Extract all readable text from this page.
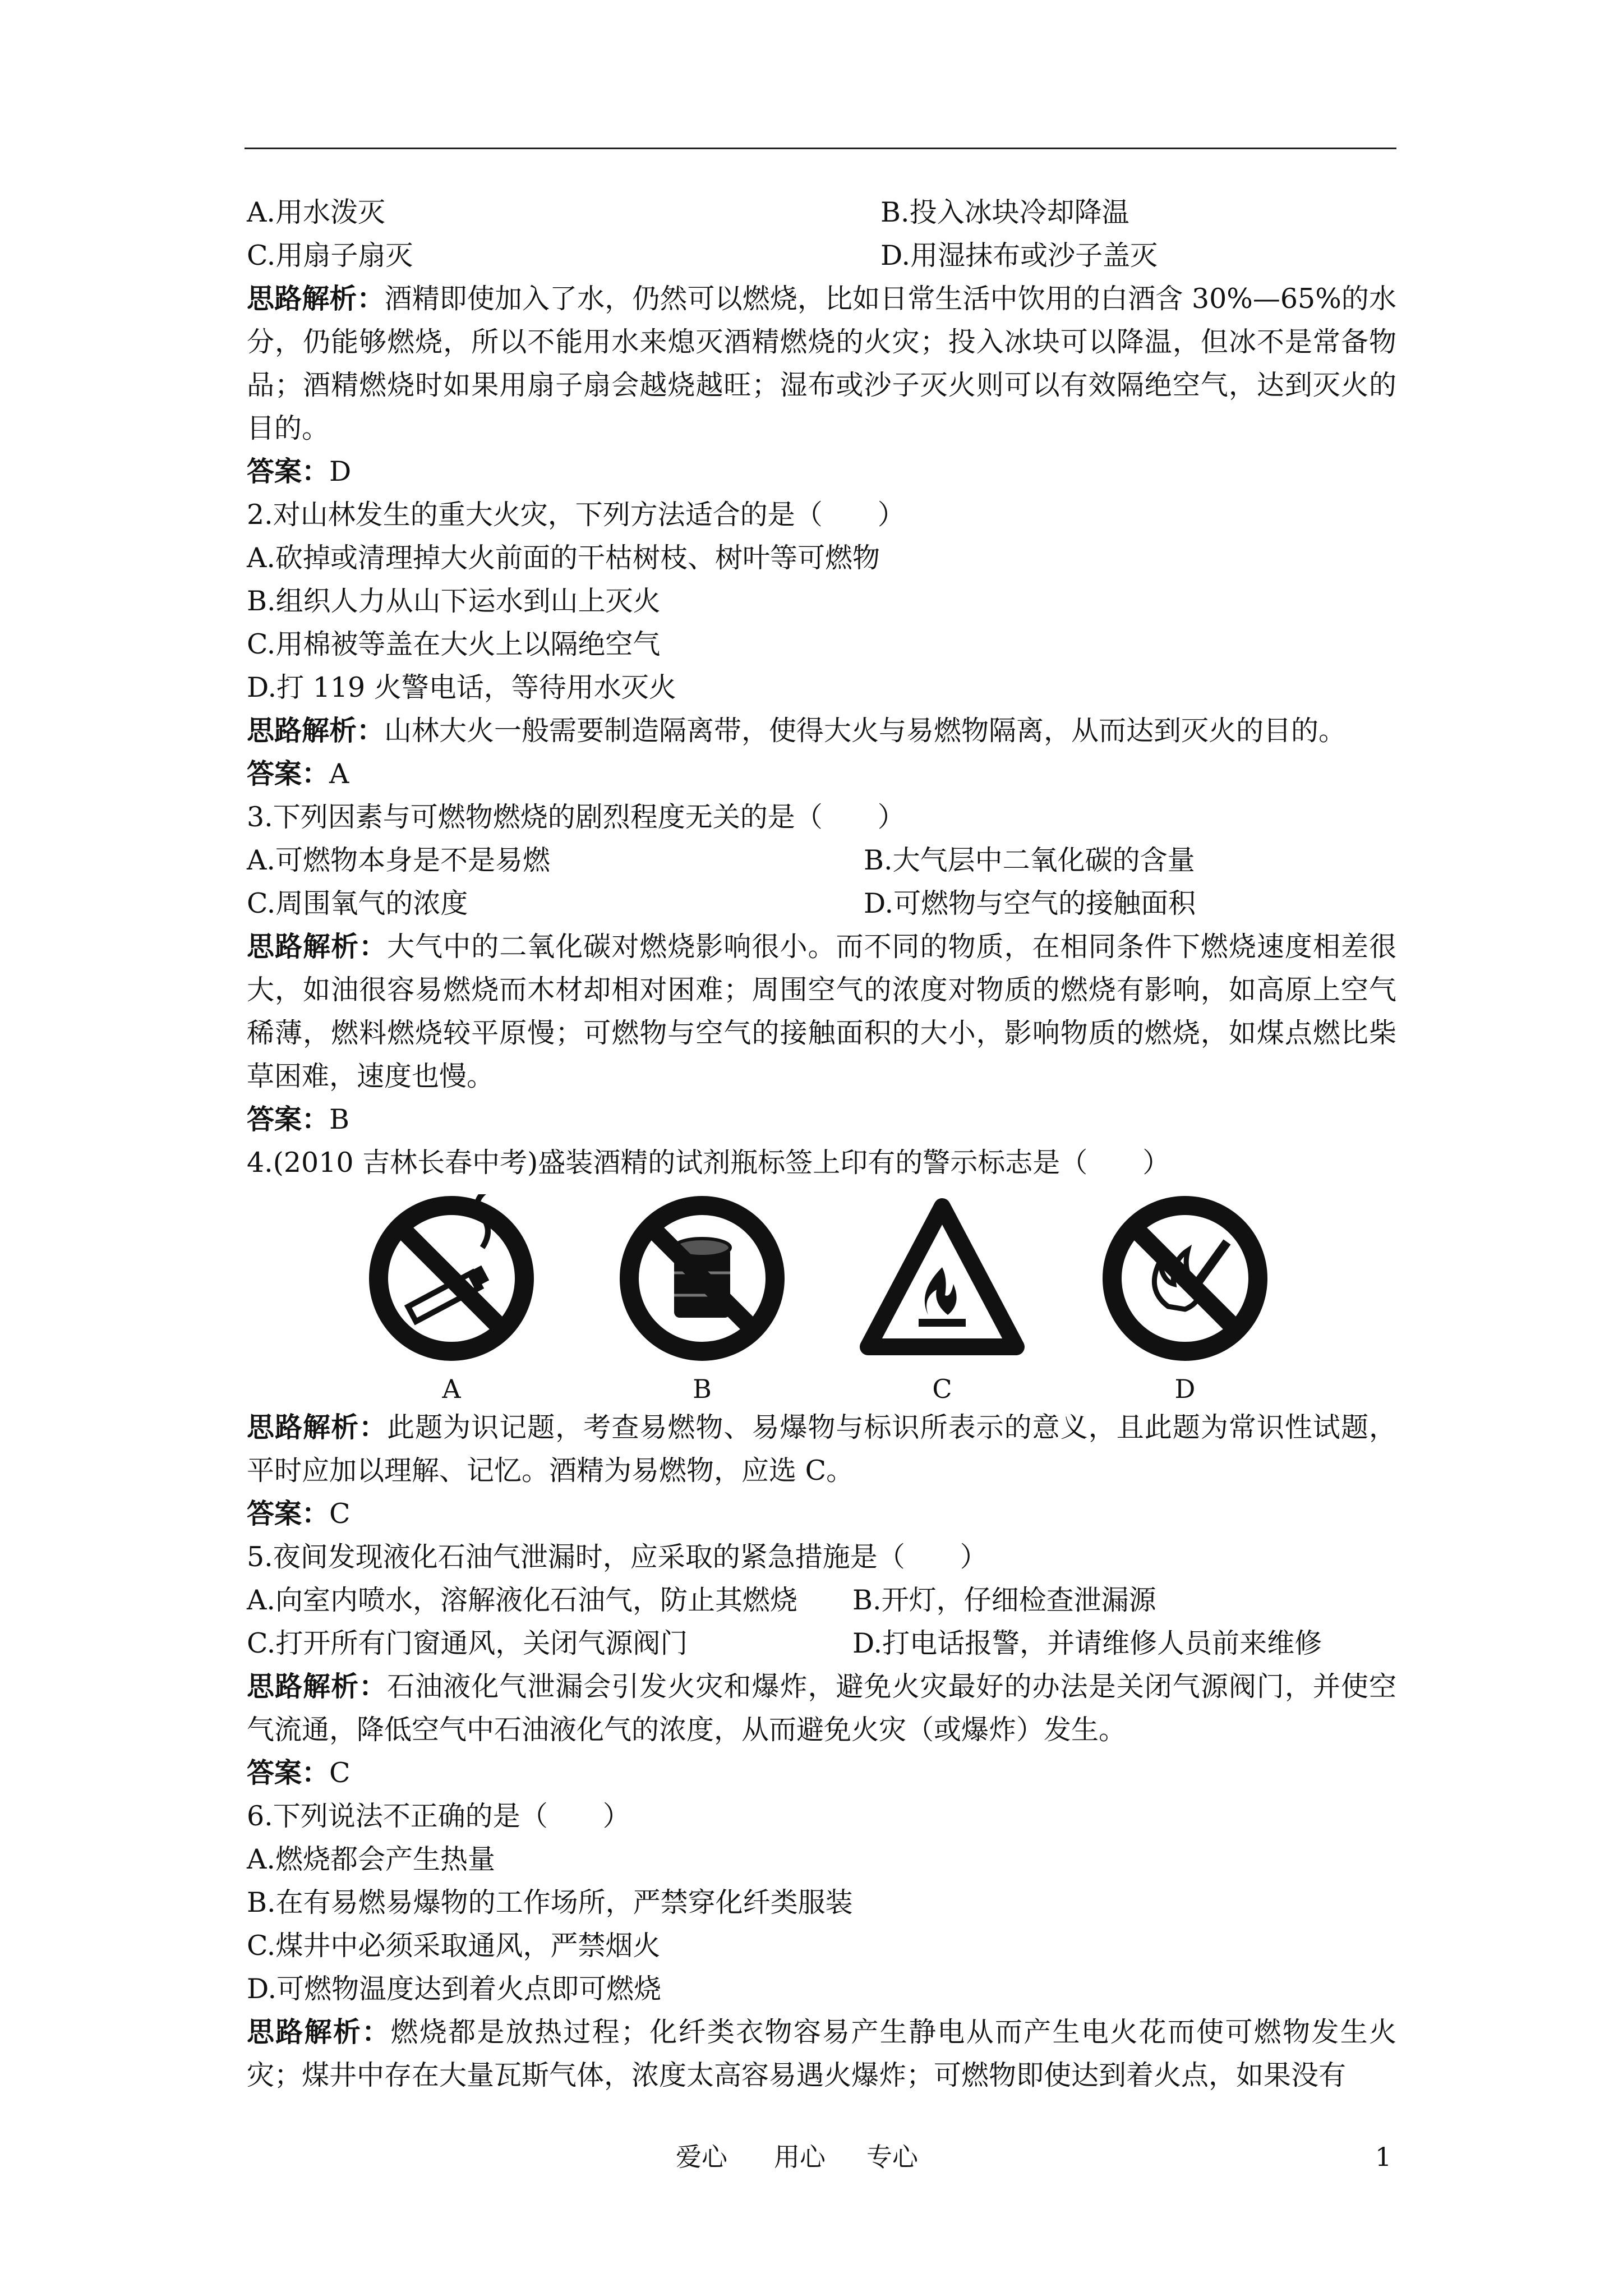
A.用水泼灭	B.投入冰块冷却降温
C.用扇子扇灭	D.用湿抹布或沙子盖灭
思路解析：酒精即使加入了水，仍然可以燃烧，比如日常生活中饮用的白酒含 30%—65%的水分，仍能够燃烧，所以不能用水来熄灭酒精燃烧的火灾；投入冰块可以降温，但冰不是常备物品；酒精燃烧时如果用扇子扇会越烧越旺；湿布或沙子灭火则可以有效隔绝空气，达到灭火的目的。
答案：D
2.对山林发生的重大火灾，下列方法适合的是（　　）
A.砍掉或清理掉大火前面的干枯树枝、树叶等可燃物
B.组织人力从山下运水到山上灭火
C.用棉被等盖在大火上以隔绝空气
D.打 119 火警电话，等待用水灭火
思路解析：山林大火一般需要制造隔离带，使得大火与易燃物隔离，从而达到灭火的目的。
答案：A
3.下列因素与可燃物燃烧的剧烈程度无关的是（　　）
A.可燃物本身是不是易燃	B.大气层中二氧化碳的含量
C.周围氧气的浓度	D.可燃物与空气的接触面积
思路解析：大气中的二氧化碳对燃烧影响很小。而不同的物质，在相同条件下燃烧速度相差很大，如油很容易燃烧而木材却相对困难；周围空气的浓度对物质的燃烧有影响，如高原上空气稀薄，燃料燃烧较平原慢；可燃物与空气的接触面积的大小，影响物质的燃烧，如煤点燃比柴草困难，速度也慢。
答案：B
4.(2010 吉林长春中考)盛装酒精的试剂瓶标签上印有的警示标志是（　　）
A	B	C	D
思路解析：此题为识记题，考查易燃物、易爆物与标识所表示的意义，且此题为常识性试题，平时应加以理解、记忆。酒精为易燃物，应选 C。
答案：C
5.夜间发现液化石油气泄漏时，应采取的紧急措施是（　　）
A.向室内喷水，溶解液化石油气，防止其燃烧	B.开灯，仔细检查泄漏源
C.打开所有门窗通风，关闭气源阀门	D.打电话报警，并请维修人员前来维修
思路解析：石油液化气泄漏会引发火灾和爆炸，避免火灾最好的办法是关闭气源阀门，并使空气流通，降低空气中石油液化气的浓度，从而避免火灾（或爆炸）发生。
答案：C
6.下列说法不正确的是（　　）
A.燃烧都会产生热量
B.在有易燃易爆物的工作场所，严禁穿化纤类服装
C.煤井中必须采取通风，严禁烟火
D.可燃物温度达到着火点即可燃烧
思路解析：燃烧都是放热过程；化纤类衣物容易产生静电从而产生电火花而使可燃物发生火灾；煤井中存在大量瓦斯气体，浓度太高容易遇火爆炸；可燃物即使达到着火点，如果没有
爱心 用心 专心	1
